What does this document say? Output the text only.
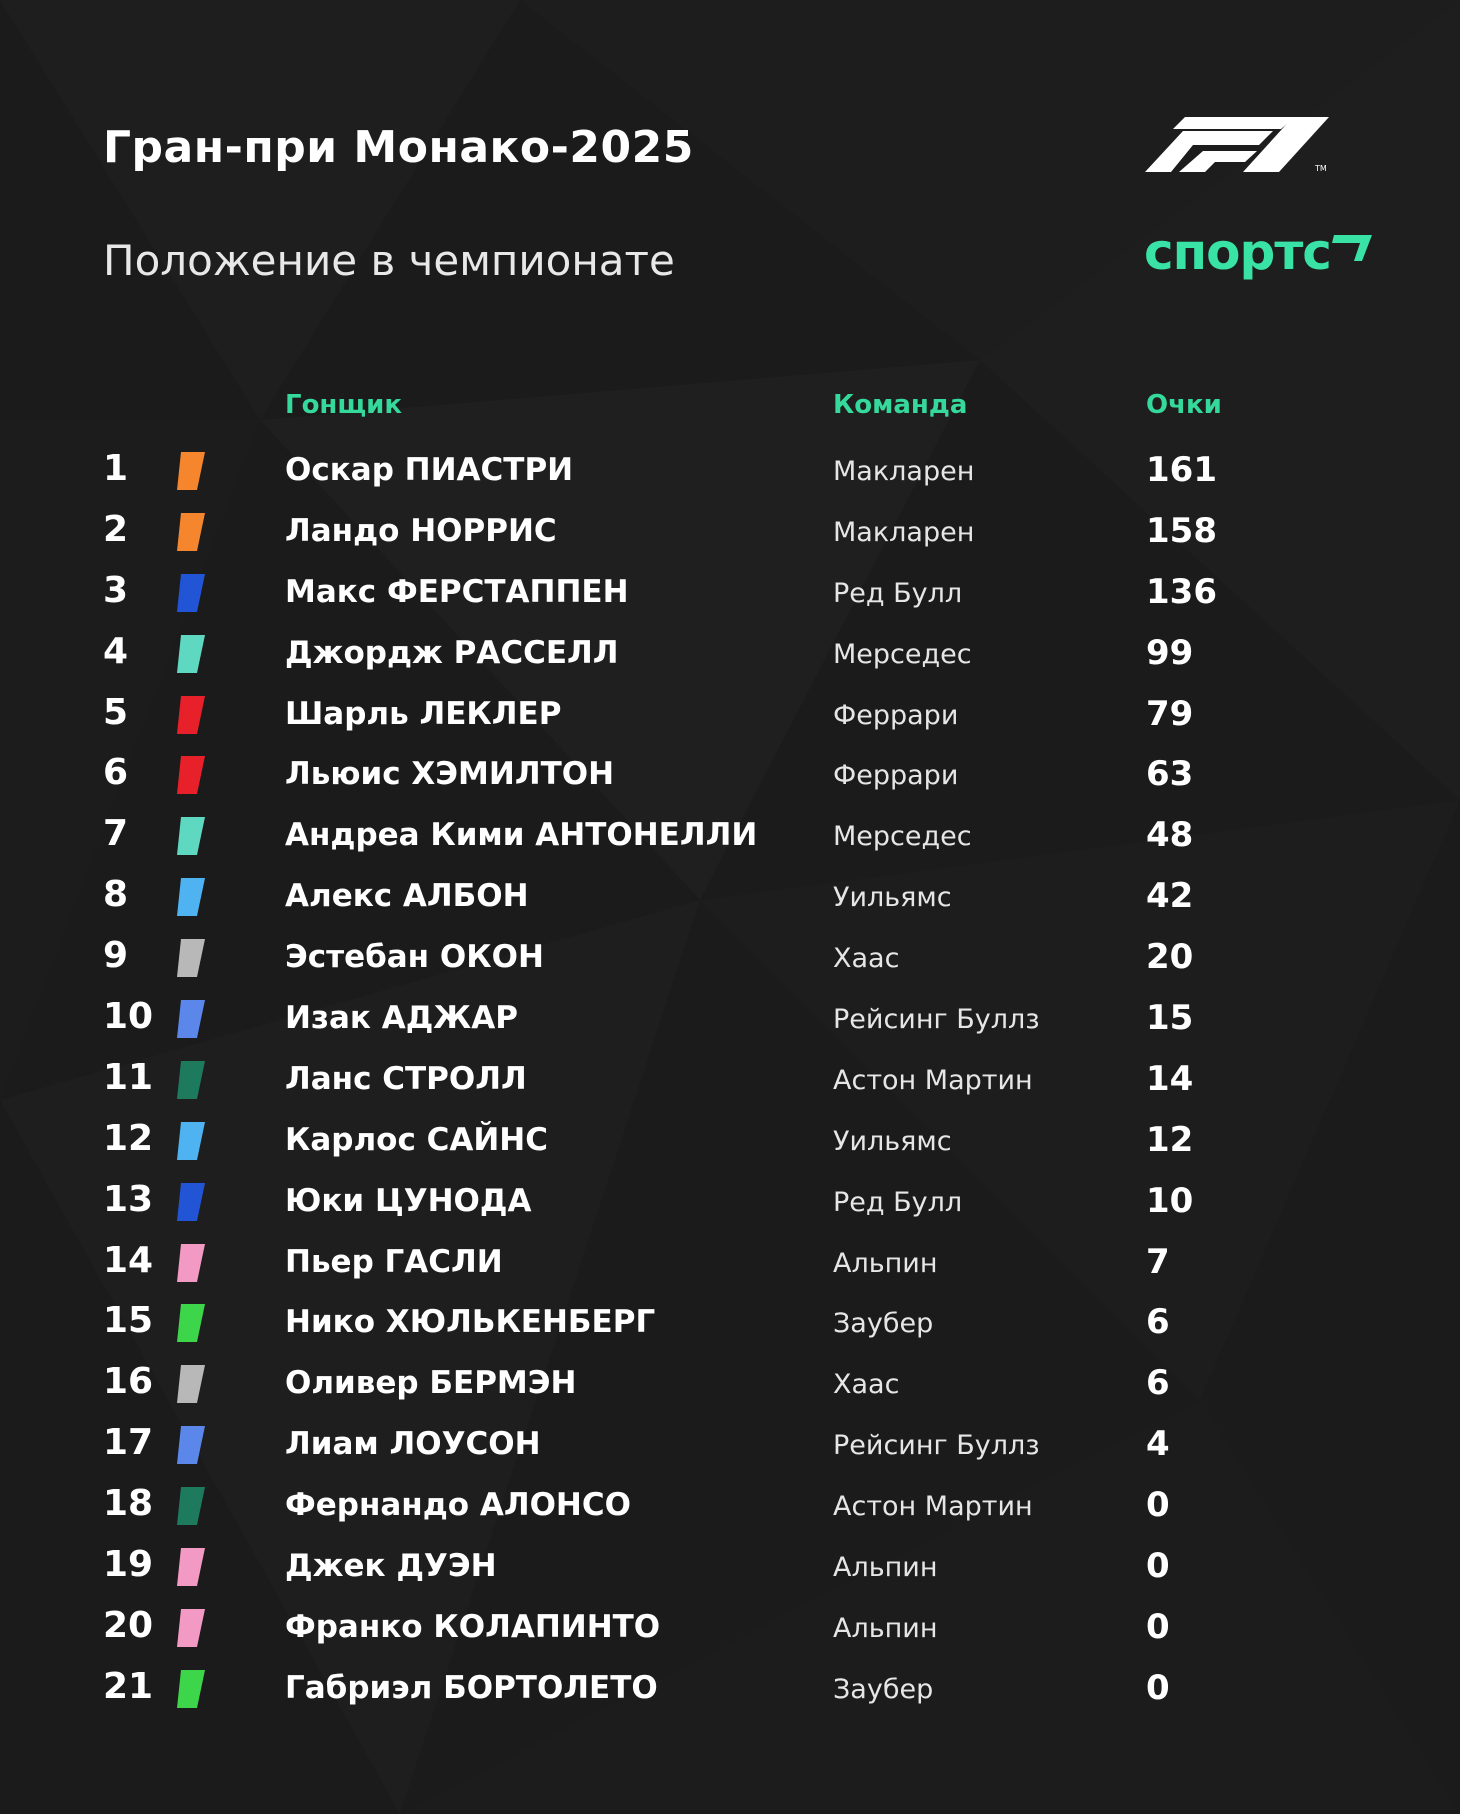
Гран-при Монако-2025
Положение в чемпионате
TM
спортс
Гонщик	Команда	Очки
1	Оскар ПИАСТРИ	Макларен	161
2	Ландо НОРРИС	Макларен	158
3	Макс ФЕРСТАППЕН	Ред Булл	136
4	Джордж РАССЕЛЛ	Мерседес	99
5	Шарль ЛЕКЛЕР	Феррари	79
6	Льюис ХЭМИЛТОН	Феррари	63
7	Андреа Кими АНТОНЕЛЛИ	Мерседес	48
8	Алекс АЛБОН	Уильямс	42
9	Эстебан ОКОН	Хаас	20
10	Изак АДЖАР	Рейсинг Буллз	15
11	Ланс СТРОЛЛ	Астон Мартин	14
12	Карлос САЙНС	Уильямс	12
13	Юки ЦУНОДА	Ред Булл	10
14	Пьер ГАСЛИ	Альпин	7
15	Нико ХЮЛЬКЕНБЕРГ	Заубер	6
16	Оливер БЕРМЭН	Хаас	6
17	Лиам ЛОУСОН	Рейсинг Буллз	4
18	Фернандо АЛОНСО	Астон Мартин	0
19	Джек ДУЭН	Альпин	0
20	Франко КОЛАПИНТО	Альпин	0
21	Габриэл БОРТОЛЕТО	Заубер	0
